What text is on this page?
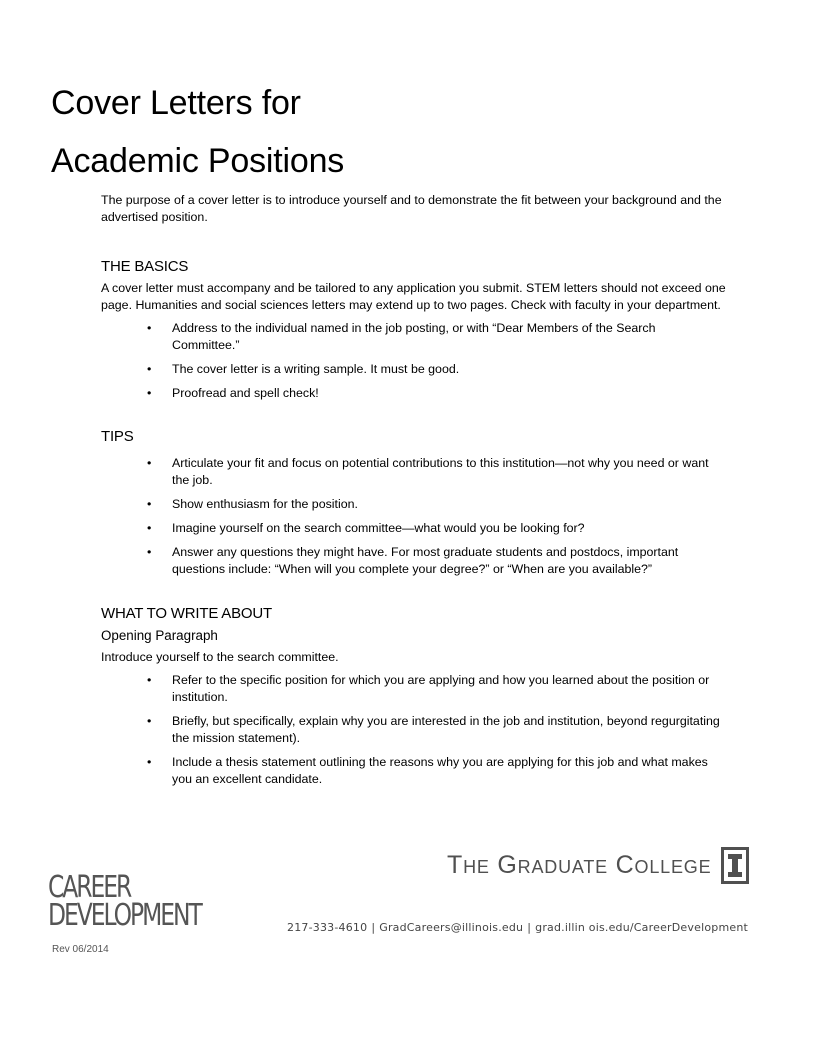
Cover Letters for
Academic Positions

The purpose of a cover letter is to introduce yourself and to demonstrate the fit between your background and the advertised position.

THE BASICS

A cover letter must accompany and be tailored to any application you submit. STEM letters should not exceed one page. Humanities and social sciences letters may extend up to two pages. Check with faculty in your department.

• Address to the individual named in the job posting, or with “Dear Members of the Search Committee.”
• The cover letter is a writing sample. It must be good.
• Proofread and spell check!
TIPS
• Articulate your fit and focus on potential contributions to this institution—not why you need or want the job.
• Show enthusiasm for the position.
• Imagine yourself on the search committee—what would you be looking for?
• Answer any questions they might have. For most graduate students and postdocs, important questions include: “When will you complete your degree?” or “When are you available?”
WHAT TO WRITE ABOUT
Opening Paragraph

Introduce yourself to the search committee.

• Refer to the specific position for which you are applying and how you learned about the position or institution.
• Briefly, but specifically, explain why you are interested in the job and institution, beyond regurgitating the mission statement).
• Include a thesis statement outlining the reasons why you are applying for this job and what makes you an excellent candidate.
The Graduate College
CAREER
DEVELOPMENT
Rev 06/2014
217-333-4610 | GradCareers@illinois.edu | grad.illin ois.edu/CareerDevelopment
